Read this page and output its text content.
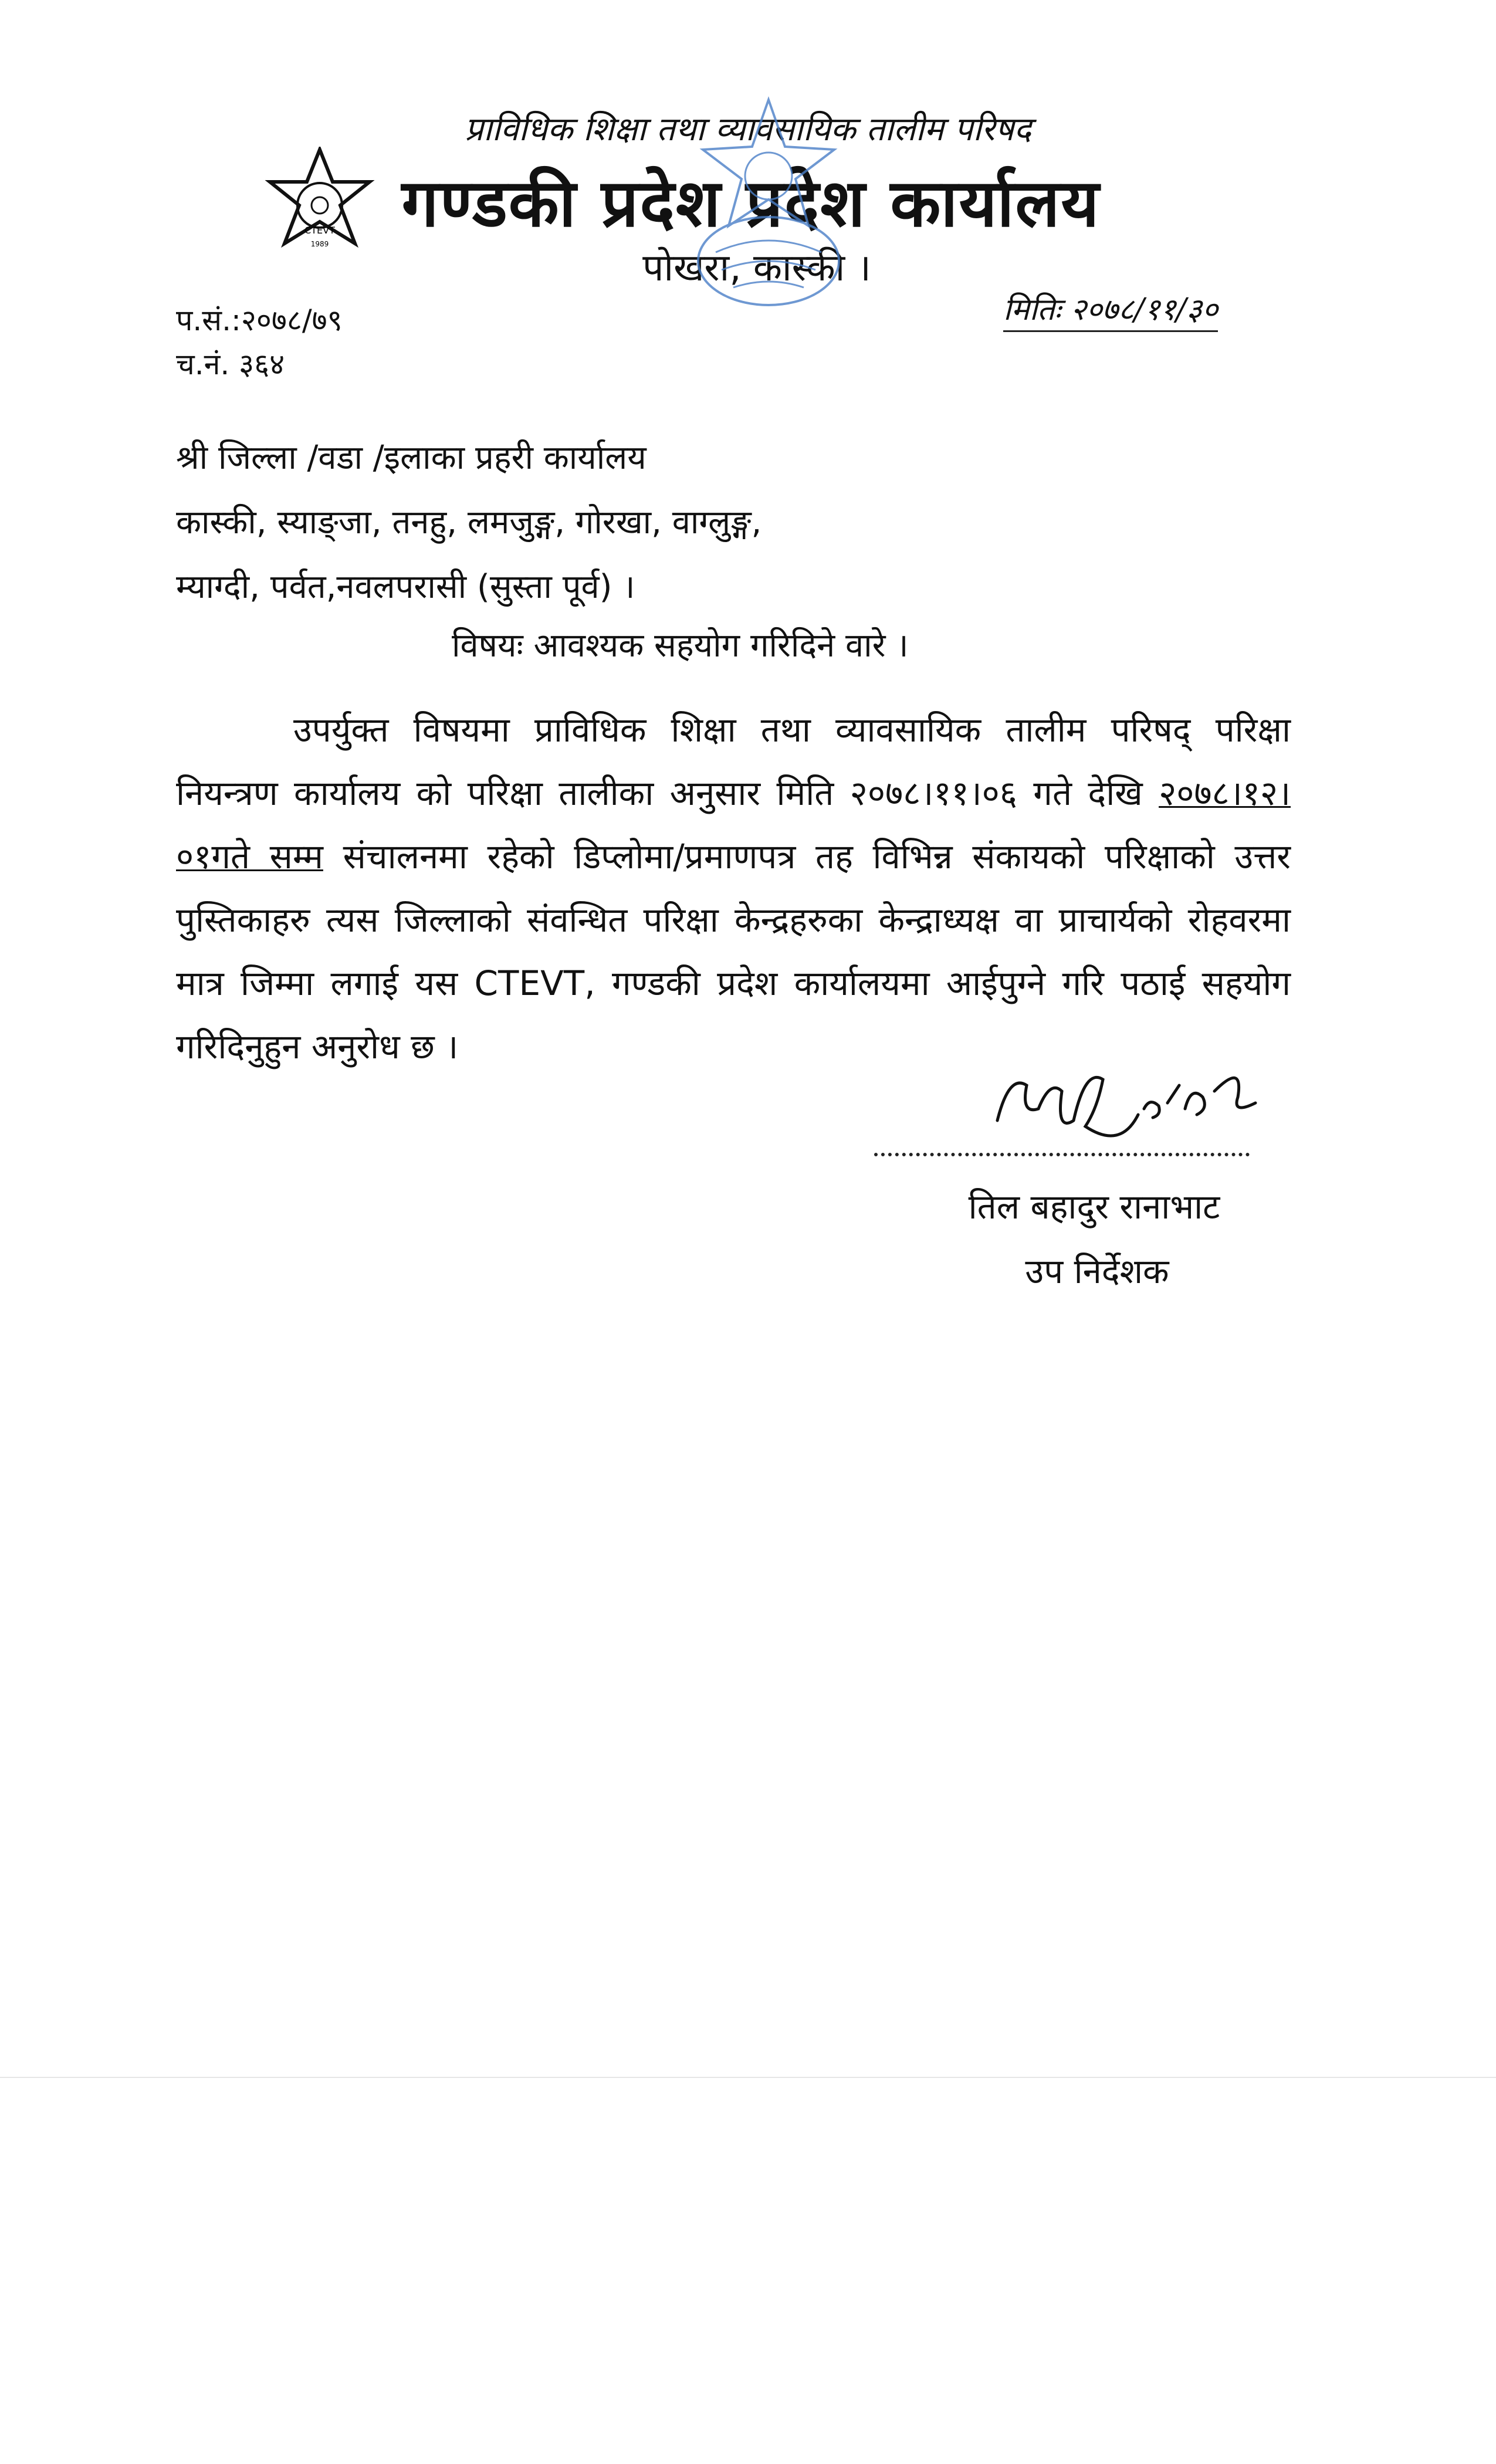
CTEVT
1989
प्राविधिक शिक्षा तथा व्यावसायिक तालीम परिषद
गण्डकी प्रदेश प्रदेश कार्यालय
पोखरा, कास्की ।
प.सं.:२०७८/७९
च.नं. ३६४
मितिः २०७८/११/३०
श्री जिल्ला /वडा /इलाका प्रहरी कार्यालय
कास्की, स्याङ्जा, तनहु, लमजुङ्ग, गोरखा, वाग्लुङ्ग,
म्याग्दी, पर्वत,नवलपरासी (सुस्ता पूर्व) ।
विषयः आवश्यक सहयोग गरिदिने वारे ।
उपर्युक्त विषयमा प्राविधिक शिक्षा तथा व्यावसायिक तालीम परिषद् परिक्षा नियन्त्रण कार्यालय को परिक्षा तालीका अनुसार मिति २०७८।११।०६ गते देखि २०७८।१२।०१गते सम्म संचालनमा रहेको डिप्लोमा/प्रमाणपत्र तह विभिन्न संकायको परिक्षाको उत्तर पुस्तिकाहरु त्यस जिल्लाको संवन्धित परिक्षा केन्द्रहरुका केन्द्राध्यक्ष वा प्राचार्यको रोहवरमा मात्र जिम्मा लगाई यस CTEVT, गण्डकी प्रदेश कार्यालयमा आईपुग्ने गरि पठाई सहयोग गरिदिनुहुन अनुरोध छ ।
तिल बहादुर रानाभाट
उप निर्देशक
